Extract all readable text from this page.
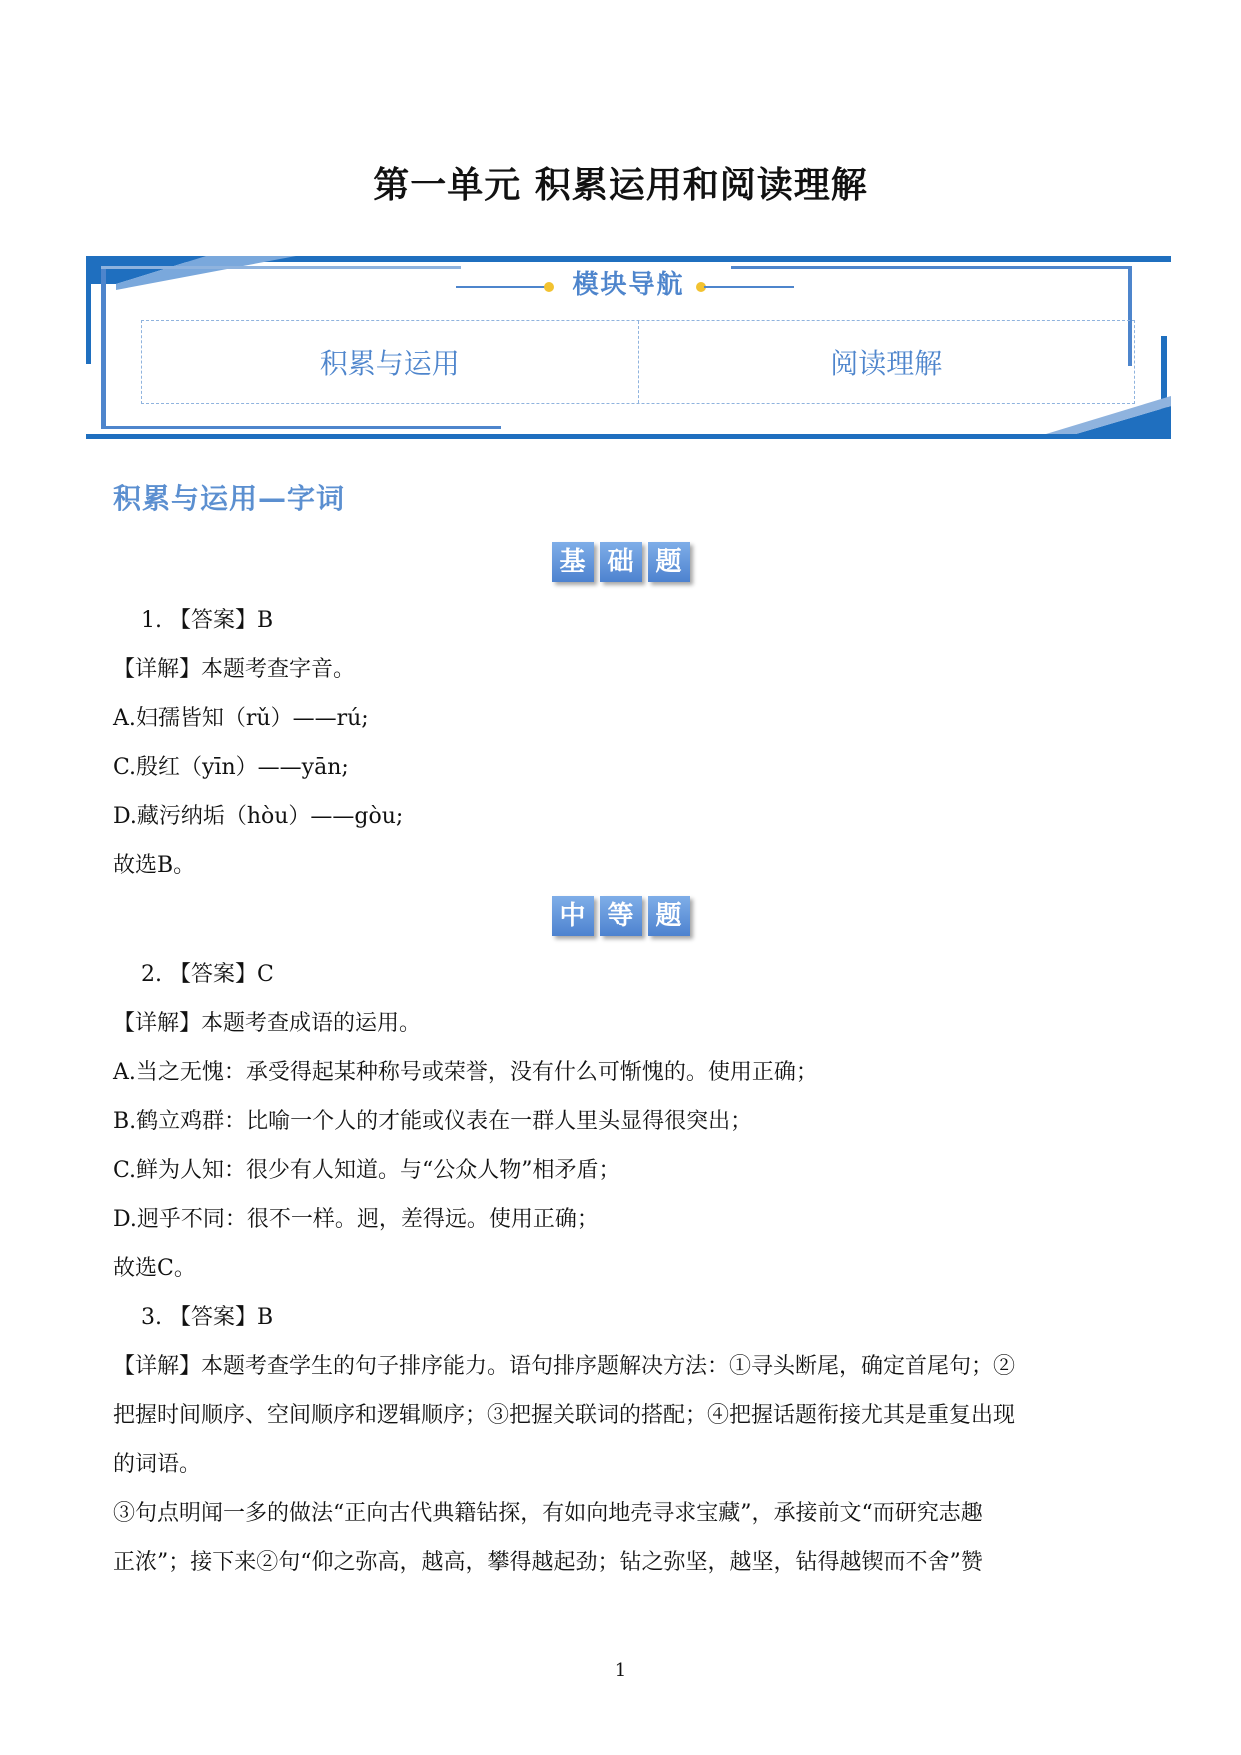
第一单元 积累运用和阅读理解
模块导航
积累与运用	阅读理解
积累与运用—字词
基 础 题
1. 【答案】B
【详解】本题考查字音。
A.妇孺皆知（rǔ）——rú;
C.殷红（yīn）——yān;
D.藏污纳垢（hòu）——gòu;
故选B。
中 等 题
2. 【答案】C
【详解】本题考查成语的运用。
A.当之无愧：承受得起某种称号或荣誉，没有什么可惭愧的。使用正确；
B.鹤立鸡群：比喻一个人的才能或仪表在一群人里头显得很突出；
C.鲜为人知：很少有人知道。与“公众人物”相矛盾；
D.迥乎不同：很不一样。迥，差得远。使用正确；
故选C。
3. 【答案】B
【详解】本题考查学生的句子排序能力。语句排序题解决方法：①寻头断尾，确定首尾句；②
把握时间顺序、空间顺序和逻辑顺序；③把握关联词的搭配；④把握话题衔接尤其是重复出现
的词语。
③句点明闻一多的做法“正向古代典籍钻探，有如向地壳寻求宝藏”，承接前文“而研究志趣
正浓”；接下来②句“仰之弥高，越高，攀得越起劲；钻之弥坚，越坚，钻得越锲而不舍”赞
1
